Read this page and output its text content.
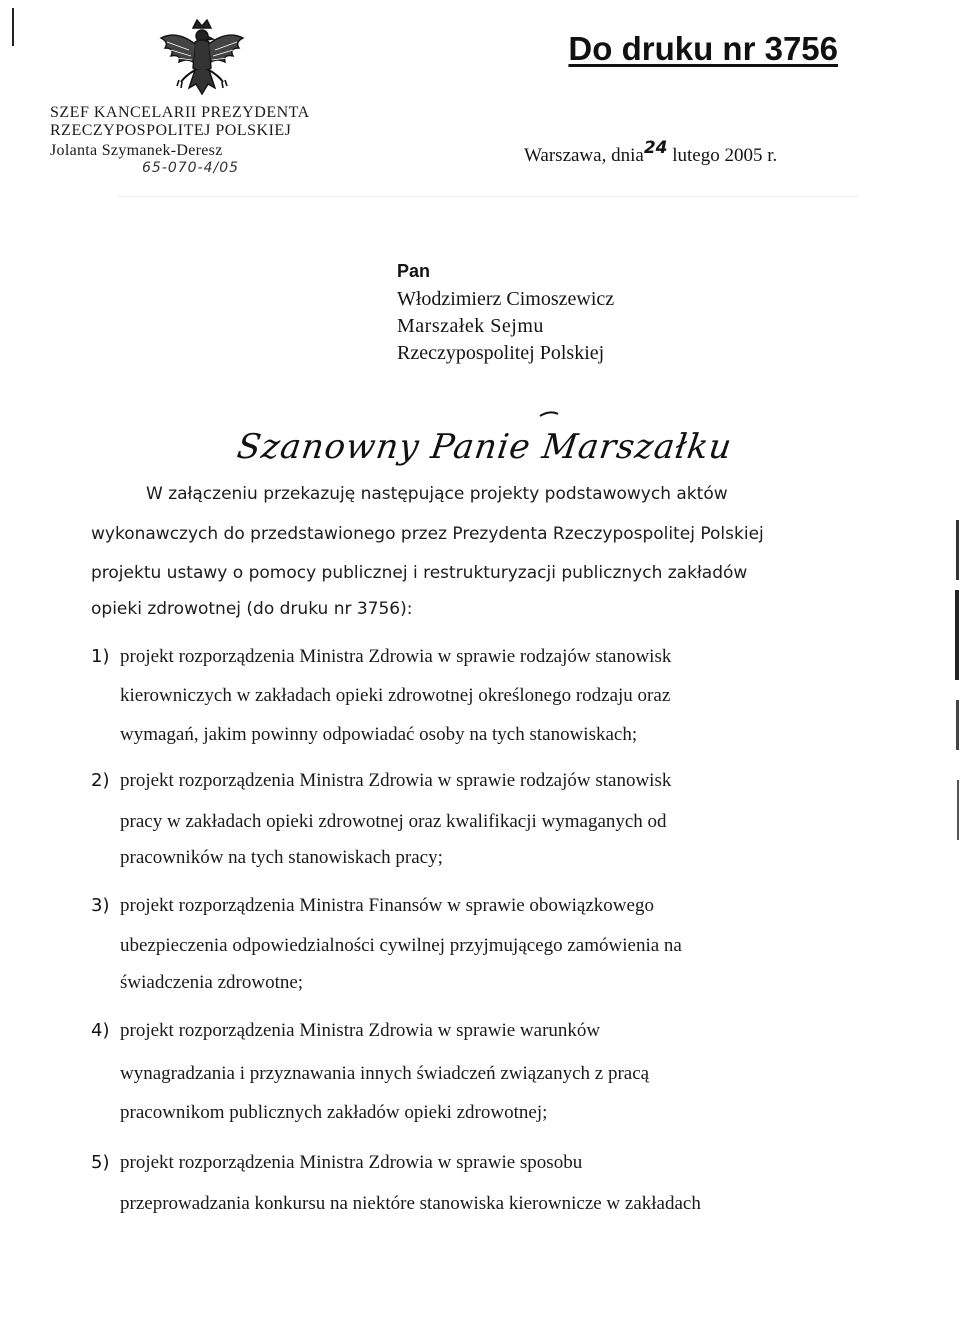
Do druku nr 3756
SZEF KANCELARII PREZYDENTA
RZECZYPOSPOLITEJ POLSKIEJ
Jolanta Szymanek-Deresz
65-070-4/05
Warszawa, dnia24 lutego 2005 r.
Pan
Włodzimierz Cimoszewicz
Marszałek Sejmu
Rzeczypospolitej Polskiej
Szanowny Panie Marszałku
W załączeniu przekazuję następujące projekty podstawowych aktów
wykonawczych do przedstawionego przez Prezydenta Rzeczypospolitej Polskiej
projektu ustawy o pomocy publicznej i restrukturyzacji publicznych zakładów
opieki zdrowotnej (do druku nr 3756):
1) projekt rozporządzenia Ministra Zdrowia w sprawie rodzajów stanowisk
kierowniczych w zakładach opieki zdrowotnej określonego rodzaju oraz
wymagań, jakim powinny odpowiadać osoby na tych stanowiskach;
2) projekt rozporządzenia Ministra Zdrowia w sprawie rodzajów stanowisk
pracy w zakładach opieki zdrowotnej oraz kwalifikacji wymaganych od
pracowników na tych stanowiskach pracy;
3) projekt rozporządzenia Ministra Finansów w sprawie obowiązkowego
ubezpieczenia odpowiedzialności cywilnej przyjmującego zamówienia na
świadczenia zdrowotne;
4) projekt rozporządzenia Ministra Zdrowia w sprawie warunków
wynagradzania i przyznawania innych świadczeń związanych z pracą
pracownikom publicznych zakładów opieki zdrowotnej;
5) projekt rozporządzenia Ministra Zdrowia w sprawie sposobu
przeprowadzania konkursu na niektóre stanowiska kierownicze w zakładach
